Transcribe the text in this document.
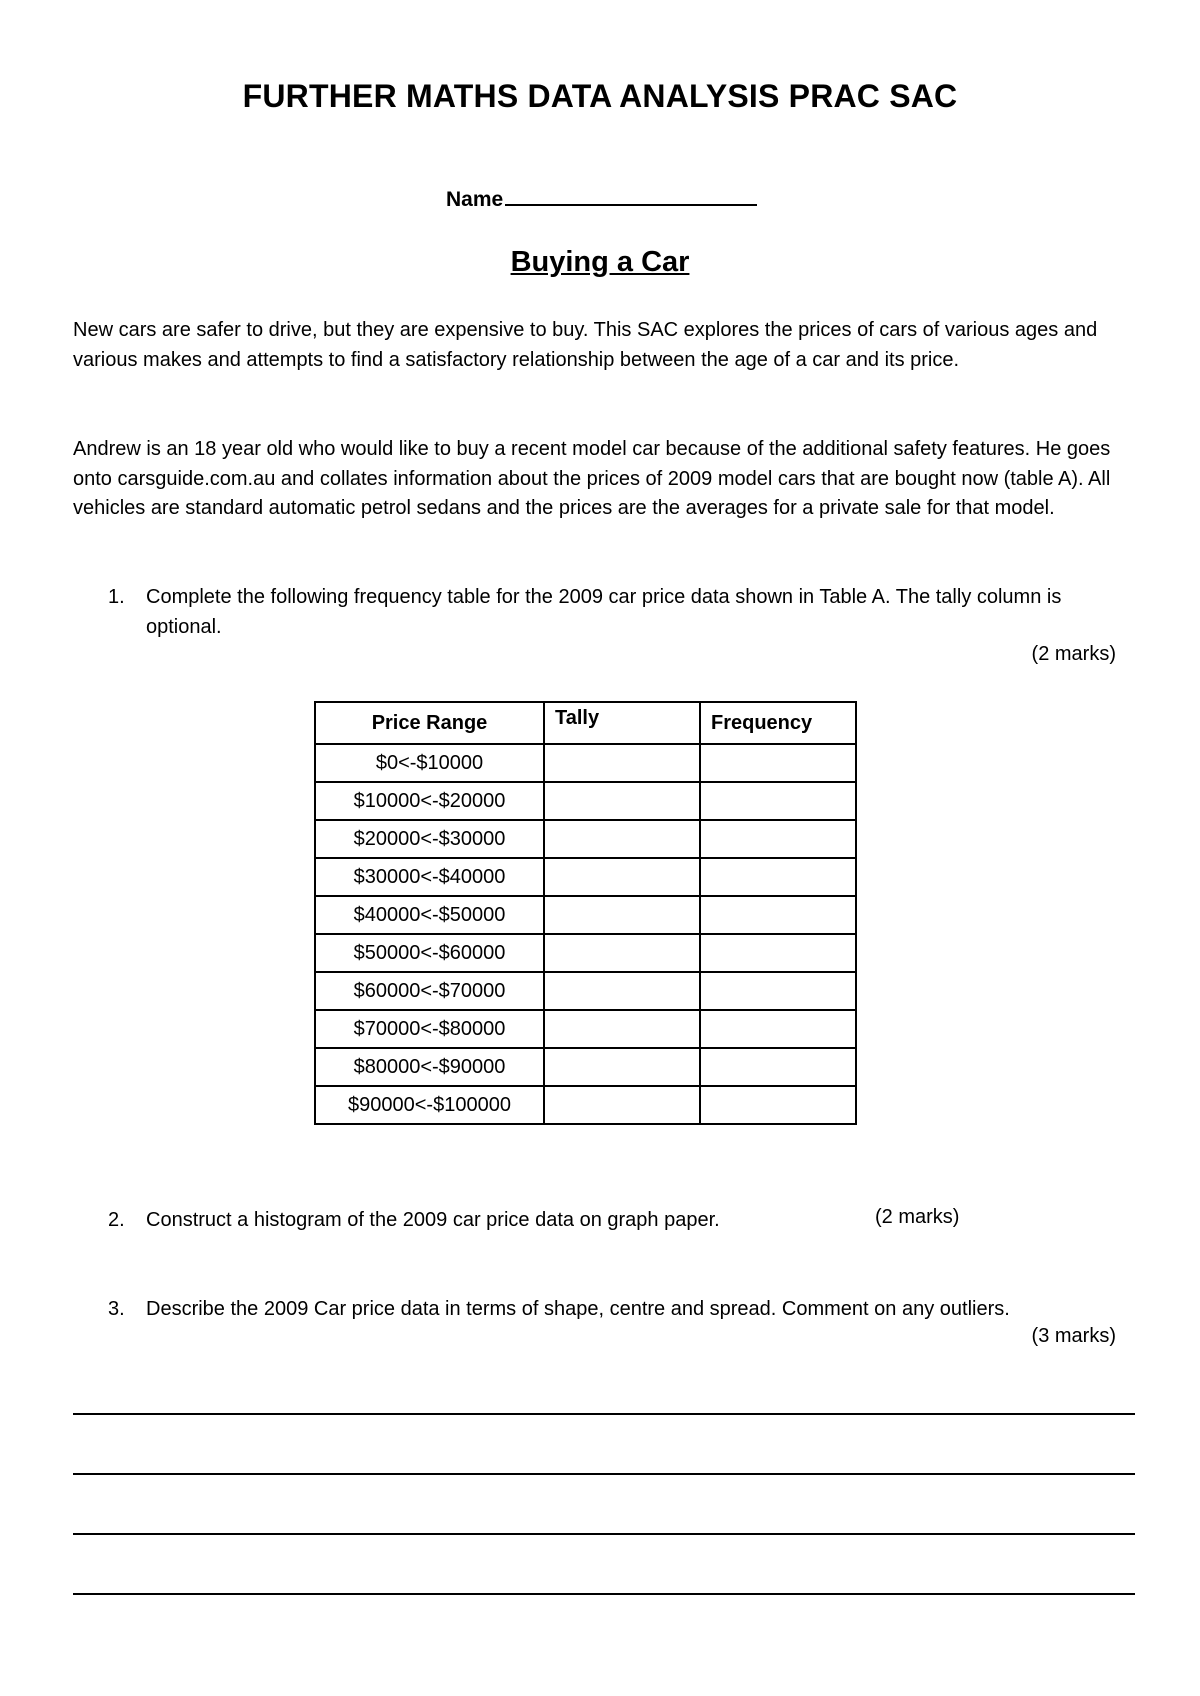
FURTHER MATHS DATA ANALYSIS PRAC SAC
Name
Buying a Car
New cars are safer to drive, but they are expensive to buy. This SAC explores the prices of cars of various ages and various makes and attempts to find a satisfactory relationship between the age of a car and its price.
Andrew is an 18 year old who would like to buy a recent model car because of the additional safety features. He goes onto carsguide.com.au and collates information about the prices of 2009 model cars that are bought now (table A). All vehicles are standard automatic petrol sedans and the prices are the averages for a private sale for that model.
1. Complete the following frequency table for the 2009 car price data shown in Table A. The tally column is optional.
(2 marks)
Price Range	Tally	Frequency
$0<-$10000		
$10000<-$20000		
$20000<-$30000		
$30000<-$40000		
$40000<-$50000		
$50000<-$60000		
$60000<-$70000		
$70000<-$80000		
$80000<-$90000		
$90000<-$100000		
2. Construct a histogram of the 2009 car price data on graph paper.	(2 marks)
3. Describe the 2009 Car price data in terms of shape, centre and spread. Comment on any outliers.
(3 marks)
